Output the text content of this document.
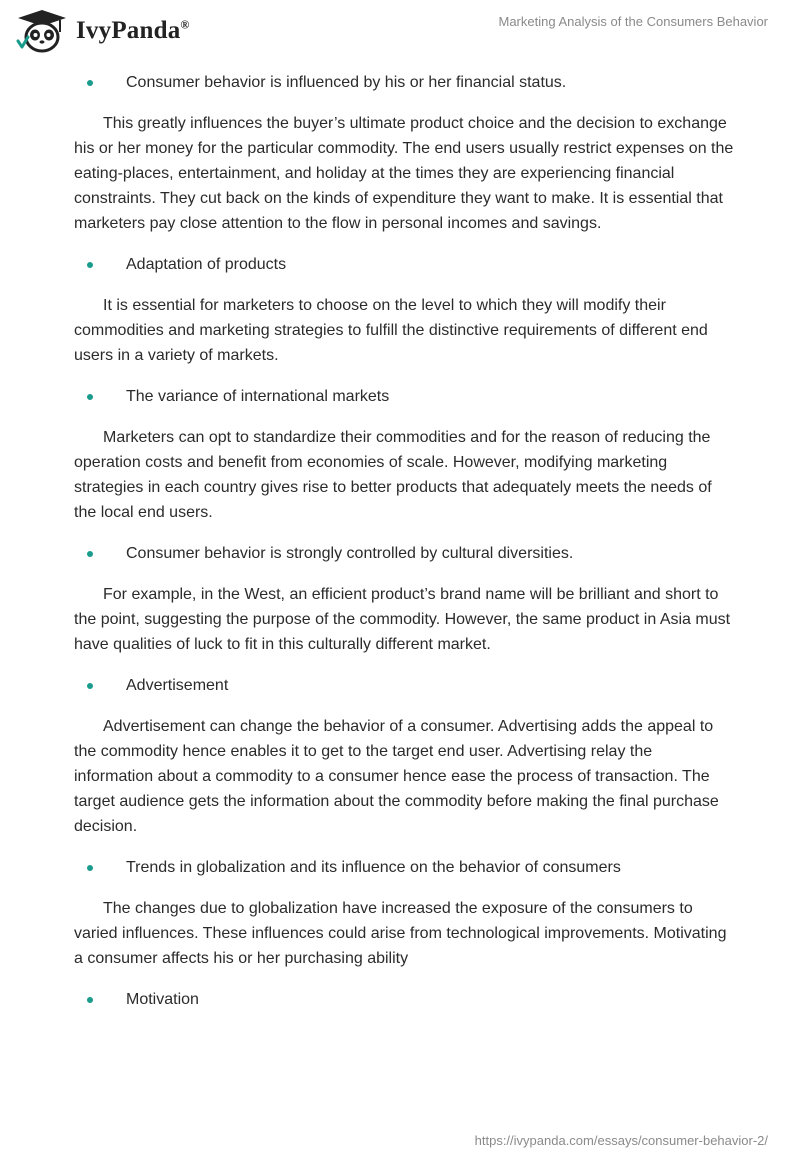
IvyPanda®	Marketing Analysis of the Consumers Behavior
Consumer behavior is influenced by his or her financial status.

This greatly influences the buyer’s ultimate product choice and the decision to exchange his or her money for the particular commodity. The end users usually restrict expenses on the eating-places, entertainment, and holiday at the times they are experiencing financial constraints. They cut back on the kinds of expenditure they want to make. It is essential that marketers pay close attention to the flow in personal incomes and savings.

Adaptation of products

It is essential for marketers to choose on the level to which they will modify their commodities and marketing strategies to fulfill the distinctive requirements of different end users in a variety of markets.

The variance of international markets

Marketers can opt to standardize their commodities and for the reason of reducing the operation costs and benefit from economies of scale. However, modifying marketing strategies in each country gives rise to better products that adequately meets the needs of the local end users.

Consumer behavior is strongly controlled by cultural diversities.

For example, in the West, an efficient product’s brand name will be brilliant and short to the point, suggesting the purpose of the commodity. However, the same product in Asia must have qualities of luck to fit in this culturally different market.

Advertisement

Advertisement can change the behavior of a consumer. Advertising adds the appeal to the commodity hence enables it to get to the target end user. Advertising relay the information about a commodity to a consumer hence ease the process of transaction. The target audience gets the information about the commodity before making the final purchase decision.

Trends in globalization and its influence on the behavior of consumers

The changes due to globalization have increased the exposure of the consumers to varied influences. These influences could arise from technological improvements. Motivating a consumer affects his or her purchasing ability

Motivation
https://ivypanda.com/essays/consumer-behavior-2/
